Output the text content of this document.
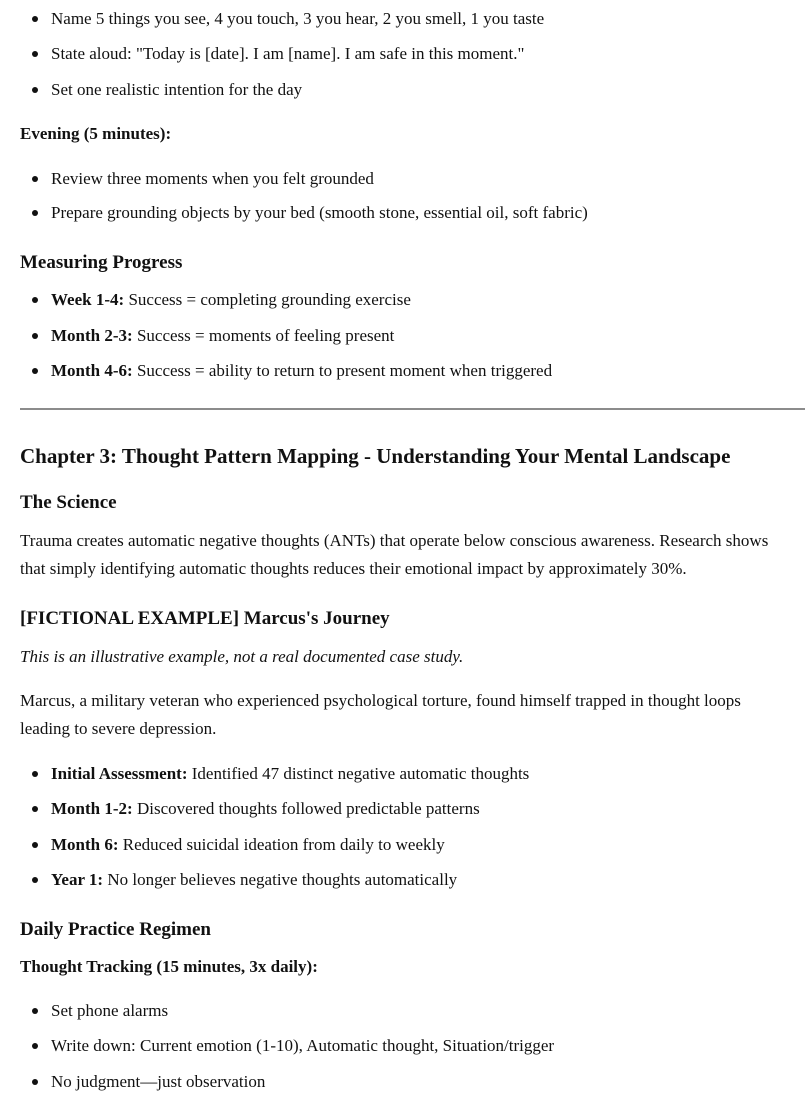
Name 5 things you see, 4 you touch, 3 you hear, 2 you smell, 1 you taste
State aloud: "Today is [date]. I am [name]. I am safe in this moment."
Set one realistic intention for the day
Evening (5 minutes):
Review three moments when you felt grounded
Prepare grounding objects by your bed (smooth stone, essential oil, soft fabric)
Measuring Progress
Week 1-4: Success = completing grounding exercise
Month 2-3: Success = moments of feeling present
Month 4-6: Success = ability to return to present moment when triggered
Chapter 3: Thought Pattern Mapping - Understanding Your Mental Landscape
The Science

Trauma creates automatic negative thoughts (ANTs) that operate below conscious awareness. Research shows that simply identifying automatic thoughts reduces their emotional impact by approximately 30%.

[FICTIONAL EXAMPLE] Marcus's Journey

This is an illustrative example, not a real documented case study.

Marcus, a military veteran who experienced psychological torture, found himself trapped in thought loops leading to severe depression.

Initial Assessment: Identified 47 distinct negative automatic thoughts
Month 1-2: Discovered thoughts followed predictable patterns
Month 6: Reduced suicidal ideation from daily to weekly
Year 1: No longer believes negative thoughts automatically
Daily Practice Regimen
Thought Tracking (15 minutes, 3x daily):
Set phone alarms
Write down: Current emotion (1-10), Automatic thought, Situation/trigger
No judgment—just observation
